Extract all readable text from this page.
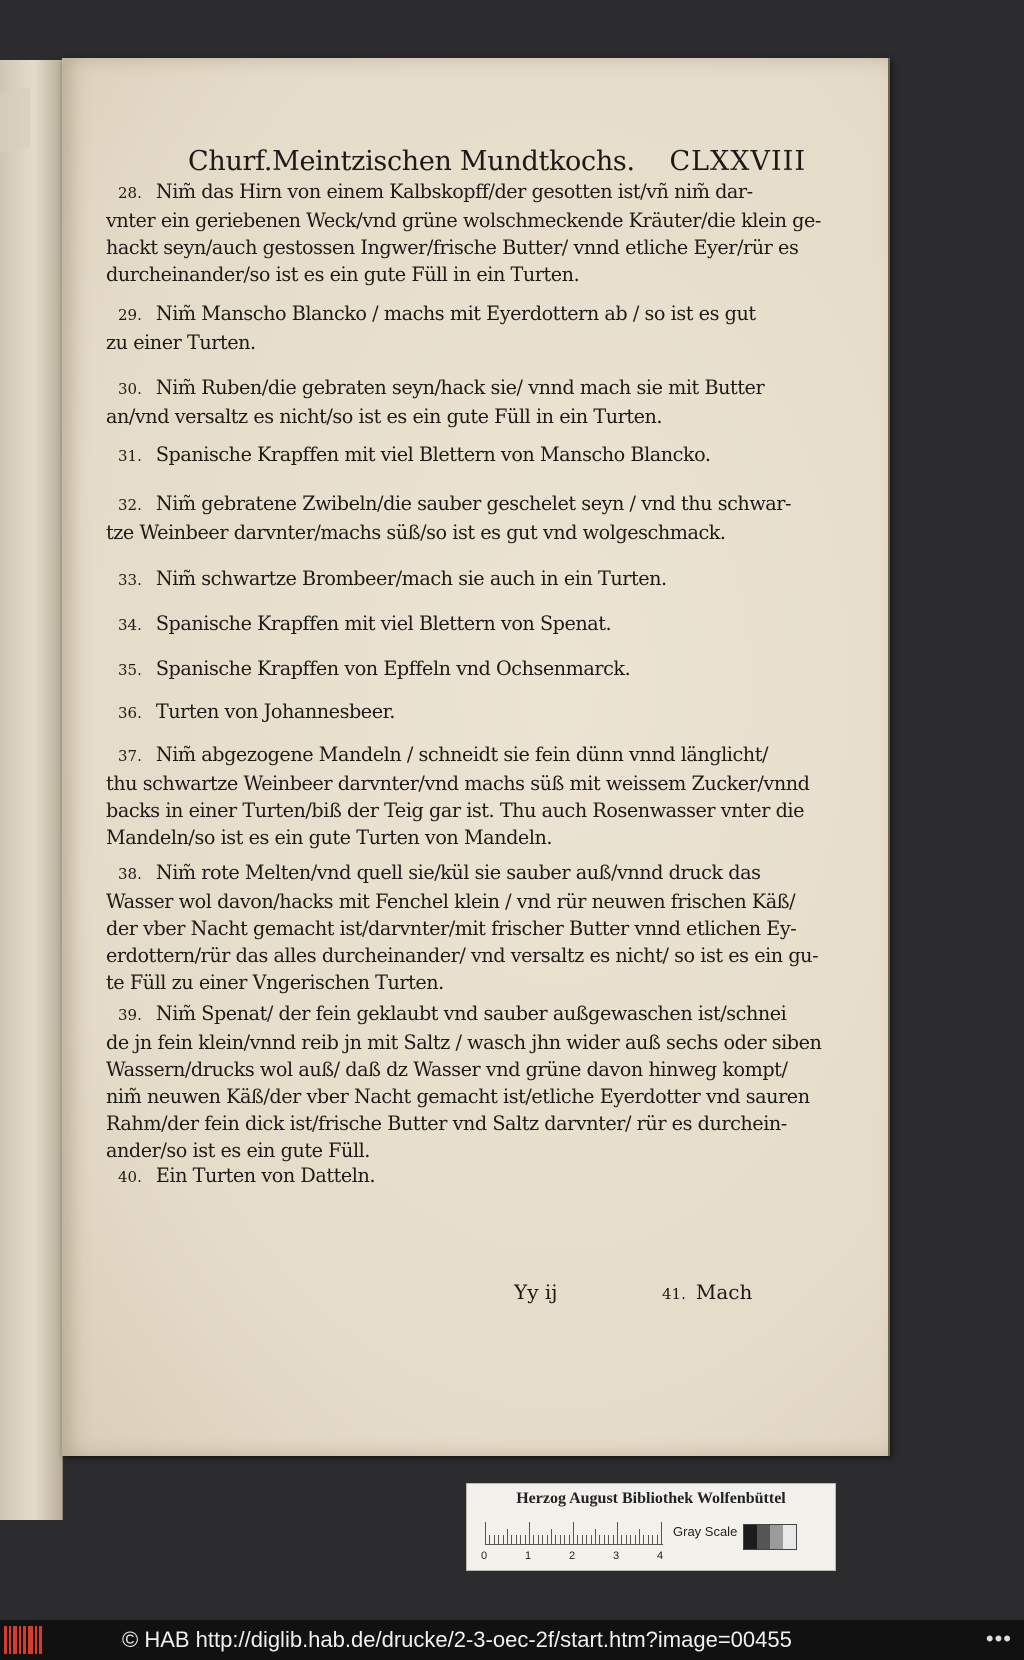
Churf.Meintzischen Mundtkochs. CLXXVIII
28. Nim̃ das Hirn von einem Kalbskopff/der gesotten ist/vñ nim̃ dar-
vnter ein geriebenen Weck/vnd grüne wolschmeckende Kräuter/die klein ge-
hackt seyn/auch gestossen Ingwer/frische Butter/ vnnd etliche Eyer/rür es
durcheinander/so ist es ein gute Füll in ein Turten.
29. Nim̃ Manscho Blancko / machs mit Eyerdottern ab / so ist es gut
zu einer Turten.
30. Nim̃ Ruben/die gebraten seyn/hack sie/ vnnd mach sie mit Butter
an/vnd versaltz es nicht/so ist es ein gute Füll in ein Turten.
31. Spanische Krapffen mit viel Blettern von Manscho Blancko.
32. Nim̃ gebratene Zwibeln/die sauber geschelet seyn / vnd thu schwar-
tze Weinbeer darvnter/machs süß/so ist es gut vnd wolgeschmack.
33. Nim̃ schwartze Brombeer/mach sie auch in ein Turten.
34. Spanische Krapffen mit viel Blettern von Spenat.
35. Spanische Krapffen von Epffeln vnd Ochsenmarck.
36. Turten von Johannesbeer.
37. Nim̃ abgezogene Mandeln / schneidt sie fein dünn vnnd länglicht/
thu schwartze Weinbeer darvnter/vnd machs süß mit weissem Zucker/vnnd
backs in einer Turten/biß der Teig gar ist. Thu auch Rosenwasser vnter die
Mandeln/so ist es ein gute Turten von Mandeln.
38. Nim̃ rote Melten/vnd quell sie/kül sie sauber auß/vnnd druck das
Wasser wol davon/hacks mit Fenchel klein / vnd rür neuwen frischen Käß/
der vber Nacht gemacht ist/darvnter/mit frischer Butter vnnd etlichen Ey-
erdottern/rür das alles durcheinander/ vnd versaltz es nicht/ so ist es ein gu-
te Füll zu einer Vngerischen Turten.
39. Nim̃ Spenat/ der fein geklaubt vnd sauber außgewaschen ist/schnei
de jn fein klein/vnnd reib jn mit Saltz / wasch jhn wider auß sechs oder siben
Wassern/drucks wol auß/ daß dz Wasser vnd grüne davon hinweg kompt/
nim̃ neuwen Käß/der vber Nacht gemacht ist/etliche Eyerdotter vnd sauren
Rahm/der fein dick ist/frische Butter vnd Saltz darvnter/ rür es durchein-
ander/so ist es ein gute Füll.
40. Ein Turten von Datteln.
Yy ij	41. Mach
Herzog August Bibliothek Wolfenbüttel
0	1	2	3	4
Gray Scale
© HAB http://diglib.hab.de/drucke/2-3-oec-2f/start.htm?image=00455	•••
